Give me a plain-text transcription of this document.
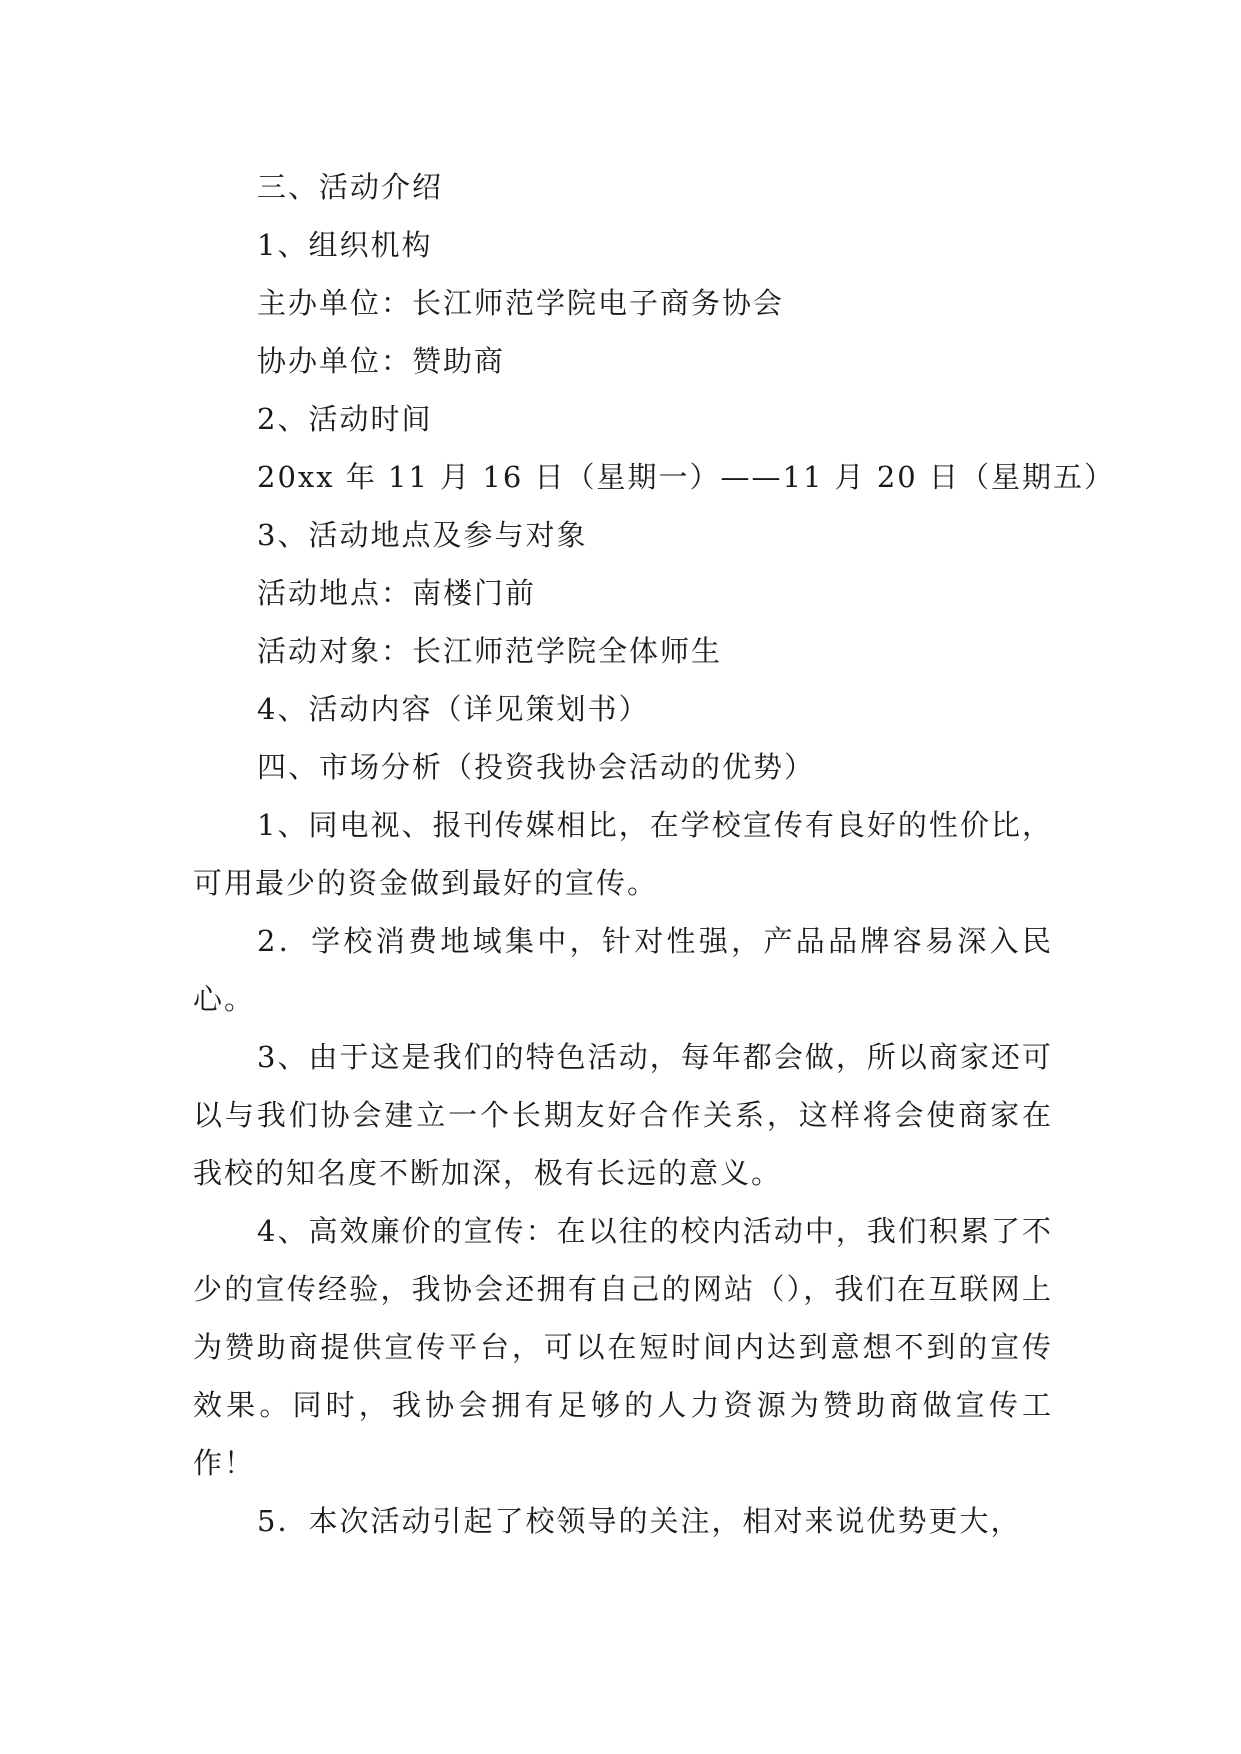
三、活动介绍
1、组织机构
主办单位：长江师范学院电子商务协会
协办单位：赞助商
2、活动时间
20xx 年 11 月 16 日（星期一）——11 月 20 日（星期五）
3、活动地点及参与对象
活动地点：南楼门前
活动对象：长江师范学院全体师生
4、活动内容（详见策划书）
四、市场分析（投资我协会活动的优势）

1、同电视、报刊传媒相比，在学校宣传有良好的性价比，可用最少的资金做到最好的宣传。

2．学校消费地域集中，针对性强，产品品牌容易深入民心。

3、由于这是我们的特色活动，每年都会做，所以商家还可以与我们协会建立一个长期友好合作关系，这样将会使商家在我校的知名度不断加深，极有长远的意义。

4、高效廉价的宣传：在以往的校内活动中，我们积累了不少的宣传经验，我协会还拥有自己的网站（），我们在互联网上为赞助商提供宣传平台，可以在短时间内达到意想不到的宣传效果。同时，我协会拥有足够的人力资源为赞助商做宣传工作！

5．本次活动引起了校领导的关注，相对来说优势更大，
